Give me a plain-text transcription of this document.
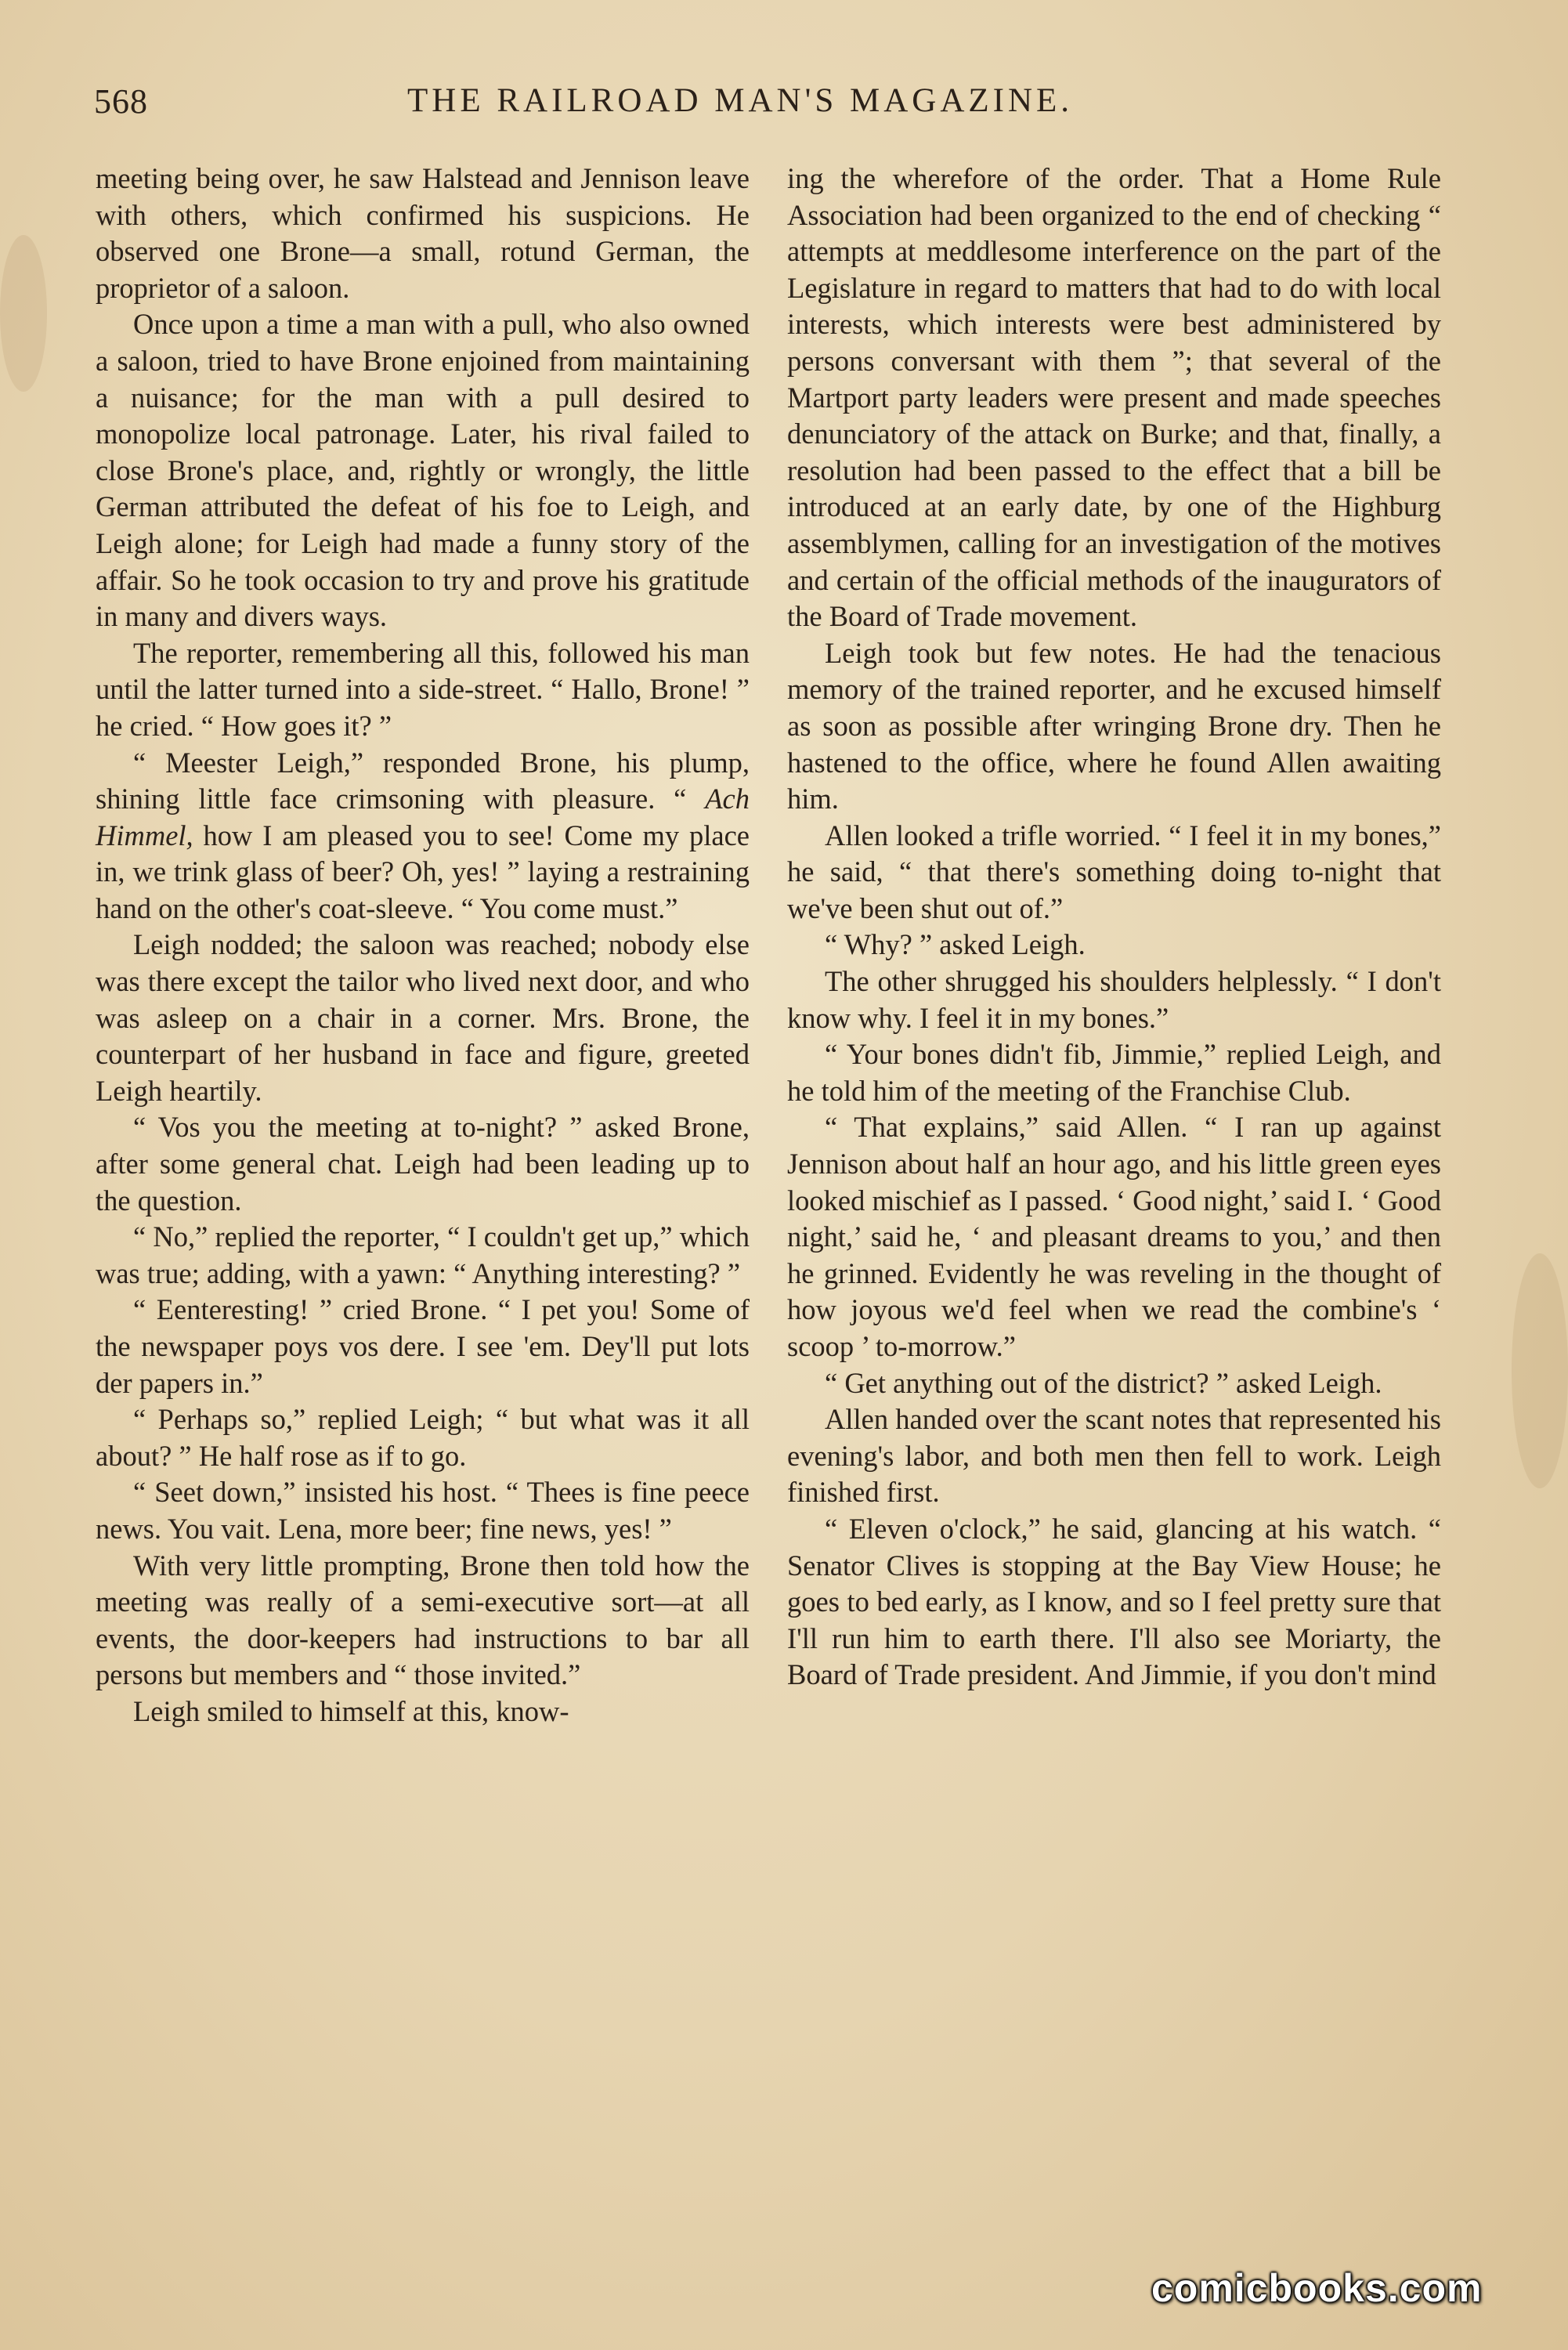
568	THE RAILROAD MAN'S MAGAZINE.

meeting being over, he saw Halstead and Jennison leave with others, which confirmed his suspicions. He observed one Brone—a small, rotund German, the proprietor of a saloon.

Once upon a time a man with a pull, who also owned a saloon, tried to have Brone enjoined from maintaining a nuisance; for the man with a pull desired to monopolize local patronage. Later, his rival failed to close Brone's place, and, rightly or wrongly, the little German attributed the defeat of his foe to Leigh, and Leigh alone; for Leigh had made a funny story of the affair. So he took occasion to try and prove his gratitude in many and divers ways.

The reporter, remembering all this, followed his man until the latter turned into a side-street. “ Hallo, Brone! ” he cried. “ How goes it? ”

“ Meester Leigh,” responded Brone, his plump, shining little face crimsoning with pleasure. “ Ach Himmel, how I am pleased you to see! Come my place in, we trink glass of beer? Oh, yes! ” laying a restraining hand on the other's coat-sleeve. “ You come must.”

Leigh nodded; the saloon was reached; nobody else was there except the tailor who lived next door, and who was asleep on a chair in a corner. Mrs. Brone, the counterpart of her husband in face and figure, greeted Leigh heartily.

“ Vos you the meeting at to-night? ” asked Brone, after some general chat. Leigh had been leading up to the question.

“ No,” replied the reporter, “ I couldn't get up,” which was true; adding, with a yawn: “ Anything interesting? ”

“ Eenteresting! ” cried Brone. “ I pet you! Some of the newspaper poys vos dere. I see 'em. Dey'll put lots der papers in.”

“ Perhaps so,” replied Leigh; “ but what was it all about? ” He half rose as if to go.

“ Seet down,” insisted his host. “ Thees is fine peece news. You vait. Lena, more beer; fine news, yes! ”

With very little prompting, Brone then told how the meeting was really of a semi-executive sort—at all events, the door-keepers had instructions to bar all persons but members and “ those invited.”

Leigh smiled to himself at this, know-

ing the wherefore of the order. That a Home Rule Association had been organized to the end of checking “ attempts at meddlesome interference on the part of the Legislature in regard to matters that had to do with local interests, which interests were best administered by persons conversant with them ”; that several of the Martport party leaders were present and made speeches denunciatory of the attack on Burke; and that, finally, a resolution had been passed to the effect that a bill be introduced at an early date, by one of the Highburg assemblymen, calling for an investigation of the motives and certain of the official methods of the inaugurators of the Board of Trade movement.

Leigh took but few notes. He had the tenacious memory of the trained reporter, and he excused himself as soon as possible after wringing Brone dry. Then he hastened to the office, where he found Allen awaiting him.

Allen looked a trifle worried. “ I feel it in my bones,” he said, “ that there's something doing to-night that we've been shut out of.”

“ Why? ” asked Leigh.

The other shrugged his shoulders helplessly. “ I don't know why. I feel it in my bones.”

“ Your bones didn't fib, Jimmie,” replied Leigh, and he told him of the meeting of the Franchise Club.

“ That explains,” said Allen. “ I ran up against Jennison about half an hour ago, and his little green eyes looked mischief as I passed. ‘ Good night,’ said I. ‘ Good night,’ said he, ‘ and pleasant dreams to you,’ and then he grinned. Evidently he was reveling in the thought of how joyous we'd feel when we read the combine's ‘ scoop ’ to-morrow.”

“ Get anything out of the district? ” asked Leigh.

Allen handed over the scant notes that represented his evening's labor, and both men then fell to work. Leigh finished first.

“ Eleven o'clock,” he said, glancing at his watch. “ Senator Clives is stopping at the Bay View House; he goes to bed early, as I know, and so I feel pretty sure that I'll run him to earth there. I'll also see Moriarty, the Board of Trade president. And Jimmie, if you don't mind

comicbooks.com
